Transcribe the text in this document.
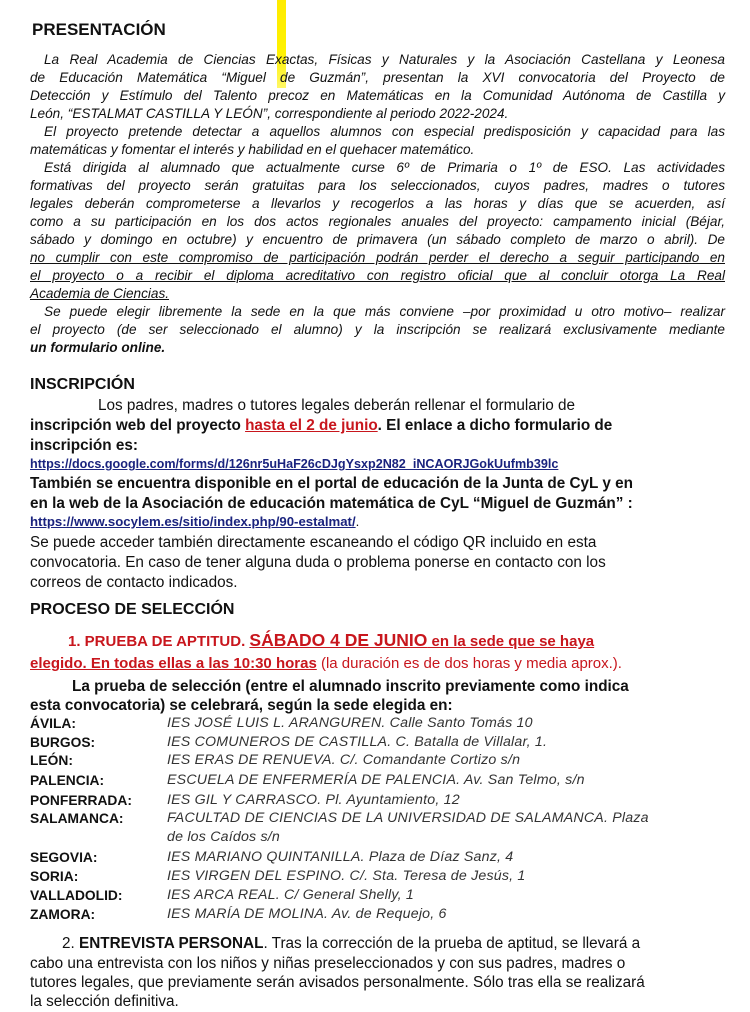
PRESENTACIÓN
La Real Academia de Ciencias Exactas, Físicas y Naturales y la Asociación Castellana y Leonesa
de Educación Matemática “Miguel de Guzmán”, presentan la XVI convocatoria del Proyecto de
Detección y Estímulo del Talento precoz en Matemáticas en la Comunidad Autónoma de Castilla y
León, “ESTALMAT CASTILLA Y LEÓN”, correspondiente al periodo 2022-2024.
El proyecto pretende detectar a aquellos alumnos con especial predisposición y capacidad para las
matemáticas y fomentar el interés y habilidad en el quehacer matemático.
Está dirigida al alumnado que actualmente curse 6º de Primaria o 1º de ESO. Las actividades
formativas del proyecto serán gratuitas para los seleccionados, cuyos padres, madres o tutores
legales deberán comprometerse a llevarlos y recogerlos a las horas y días que se acuerden, así
como a su participación en los dos actos regionales anuales del proyecto: campamento inicial (Béjar,
sábado y domingo en octubre) y encuentro de primavera (un sábado completo de marzo o abril). De
no cumplir con este compromiso de participación podrán perder el derecho a seguir participando en
el proyecto o a recibir el diploma acreditativo con registro oficial que al concluir otorga La Real
Academia de Ciencias.
Se puede elegir libremente la sede en la que más conviene –por proximidad u otro motivo– realizar
el proyecto (de ser seleccionado el alumno) y la inscripción se realizará exclusivamente mediante
un formulario online.
INSCRIPCIÓN
Los padres, madres o tutores legales deberán rellenar el formulario de
inscripción web del proyecto hasta el 2 de junio. El enlace a dicho formulario de
inscripción es:
https://docs.google.com/forms/d/126nr5uHaF26cDJgYsxp2N82_iNCAORJGokUufmb39lc
También se encuentra disponible en el portal de educación de la Junta de CyL y en
en la web de la Asociación de educación matemática de CyL “Miguel de Guzmán” :
https://www.socylem.es/sitio/index.php/90-estalmat/.
Se puede acceder también directamente escaneando el código QR incluido en esta
convocatoria. En caso de tener alguna duda o problema ponerse en contacto con los
correos de contacto indicados.
PROCESO DE SELECCIÓN
1. PRUEBA DE APTITUD. SÁBADO 4 DE JUNIO en la sede que se haya
elegido. En todas ellas a las 10:30 horas (la duración es de dos horas y media aprox.).
La prueba de selección (entre el alumnado inscrito previamente como indica
esta convocatoria) se celebrará, según la sede elegida en:
ÁVILA:	IES JOSÉ LUIS L. ARANGUREN. Calle Santo Tomás 10
BURGOS:	IES COMUNEROS DE CASTILLA. C. Batalla de Villalar, 1.
LEÓN:	IES ERAS DE RENUEVA. C/. Comandante Cortizo s/n
PALENCIA:	ESCUELA DE ENFERMERÍA DE PALENCIA. Av. San Telmo, s/n
PONFERRADA: IES GIL Y CARRASCO. Pl. Ayuntamiento, 12
SALAMANCA:	FACULTAD DE CIENCIAS DE LA UNIVERSIDAD DE SALAMANCA. Plaza
de los Caídos s/n
SEGOVIA:	IES MARIANO QUINTANILLA. Plaza de Díaz Sanz, 4
SORIA:	IES VIRGEN DEL ESPINO. C/. Sta. Teresa de Jesús, 1
VALLADOLID:	IES ARCA REAL. C/ General Shelly, 1
ZAMORA:	IES MARÍA DE MOLINA. Av. de Requejo, 6
2. ENTREVISTA PERSONAL. Tras la corrección de la prueba de aptitud, se llevará a
cabo una entrevista con los niños y niñas preseleccionados y con sus padres, madres o
tutores legales, que previamente serán avisados personalmente. Sólo tras ella se realizará
la selección definitiva.
